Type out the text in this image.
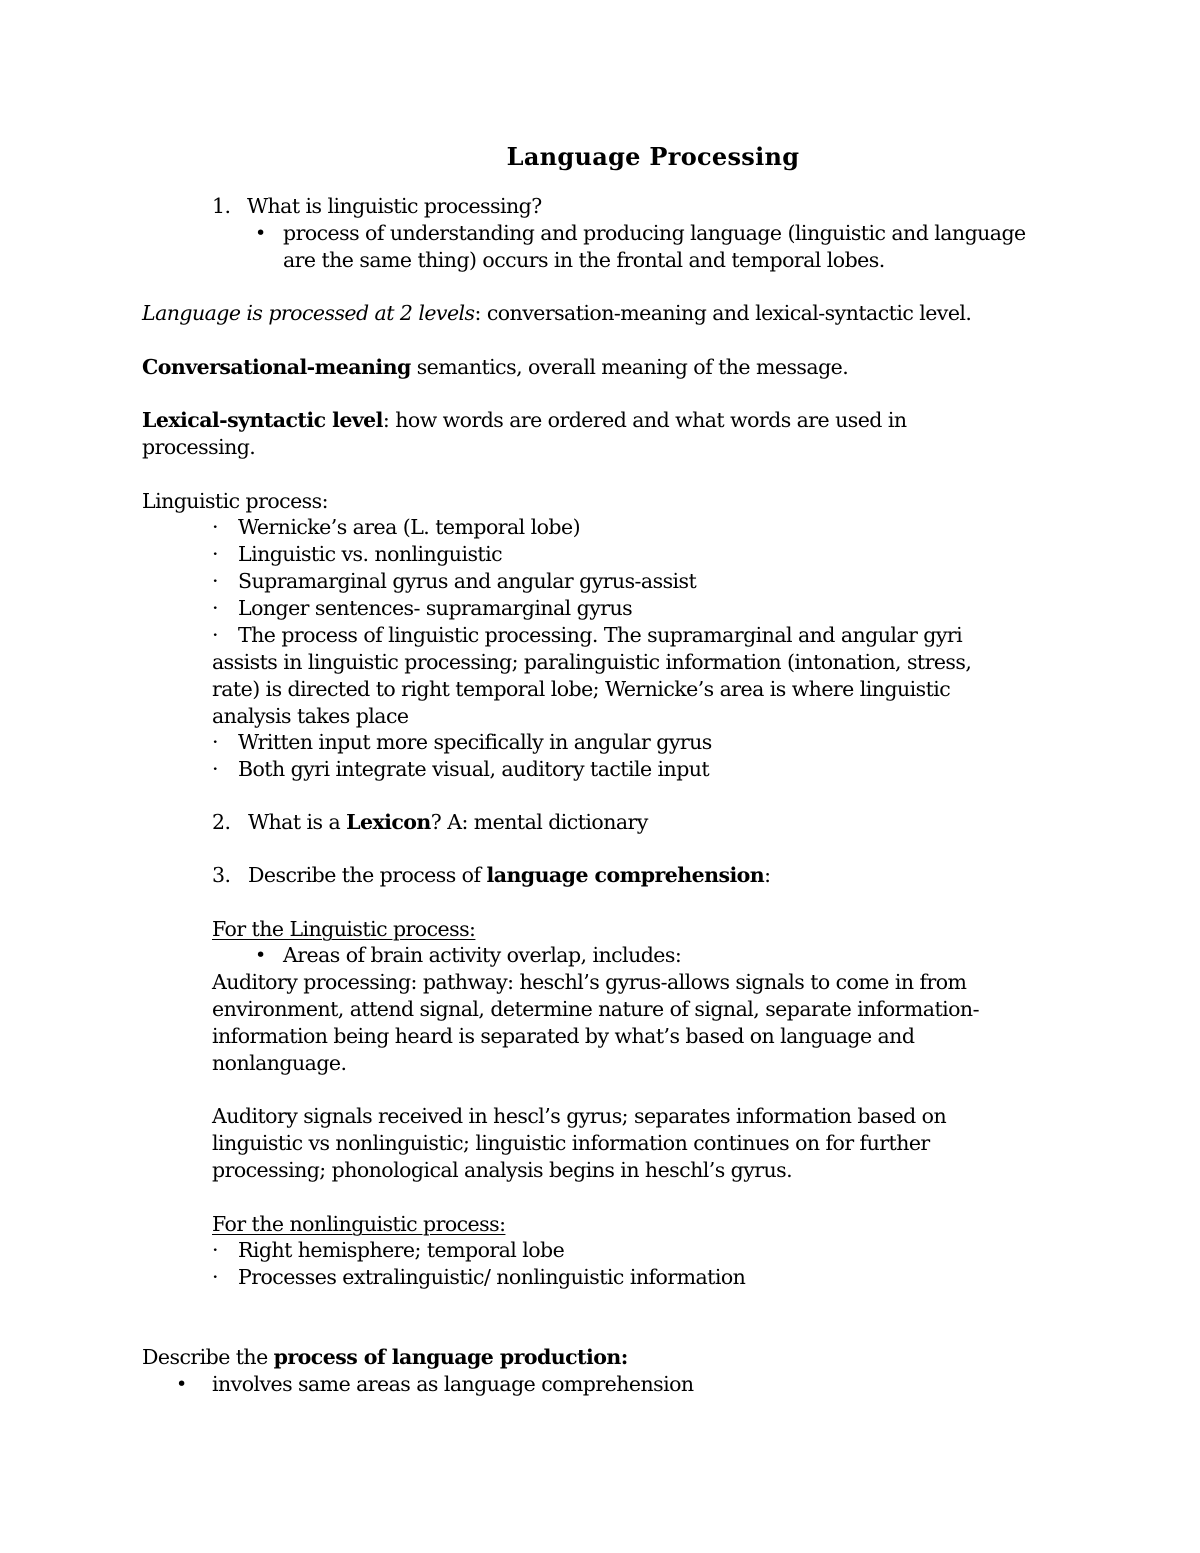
Language Processing
1. What is linguistic processing?
• process of understanding and producing language (linguistic and language
are the same thing) occurs in the frontal and temporal lobes.
Language is processed at 2 levels: conversation-meaning and lexical-syntactic level.
Conversational-meaning semantics, overall meaning of the message.
Lexical-syntactic level: how words are ordered and what words are used in
processing.
Linguistic process:
· Wernicke’s area (L. temporal lobe)
· Linguistic vs. nonlinguistic
· Supramarginal gyrus and angular gyrus-assist
· Longer sentences- supramarginal gyrus
· The process of linguistic processing. The supramarginal and angular gyri
assists in linguistic processing; paralinguistic information (intonation, stress,
rate) is directed to right temporal lobe; Wernicke’s area is where linguistic
analysis takes place
· Written input more specifically in angular gyrus
· Both gyri integrate visual, auditory tactile input
2. What is a Lexicon? A: mental dictionary
3. Describe the process of language comprehension:
For the Linguistic process:
• Areas of brain activity overlap, includes:
Auditory processing: pathway: heschl’s gyrus-allows signals to come in from
environment, attend signal, determine nature of signal, separate information-
information being heard is separated by what’s based on language and
nonlanguage.
Auditory signals received in hescl’s gyrus; separates information based on
linguistic vs nonlinguistic; linguistic information continues on for further
processing; phonological analysis begins in heschl’s gyrus.
For the nonlinguistic process:
· Right hemisphere; temporal lobe
· Processes extralinguistic/ nonlinguistic information
Describe the process of language production:
• involves same areas as language comprehension
